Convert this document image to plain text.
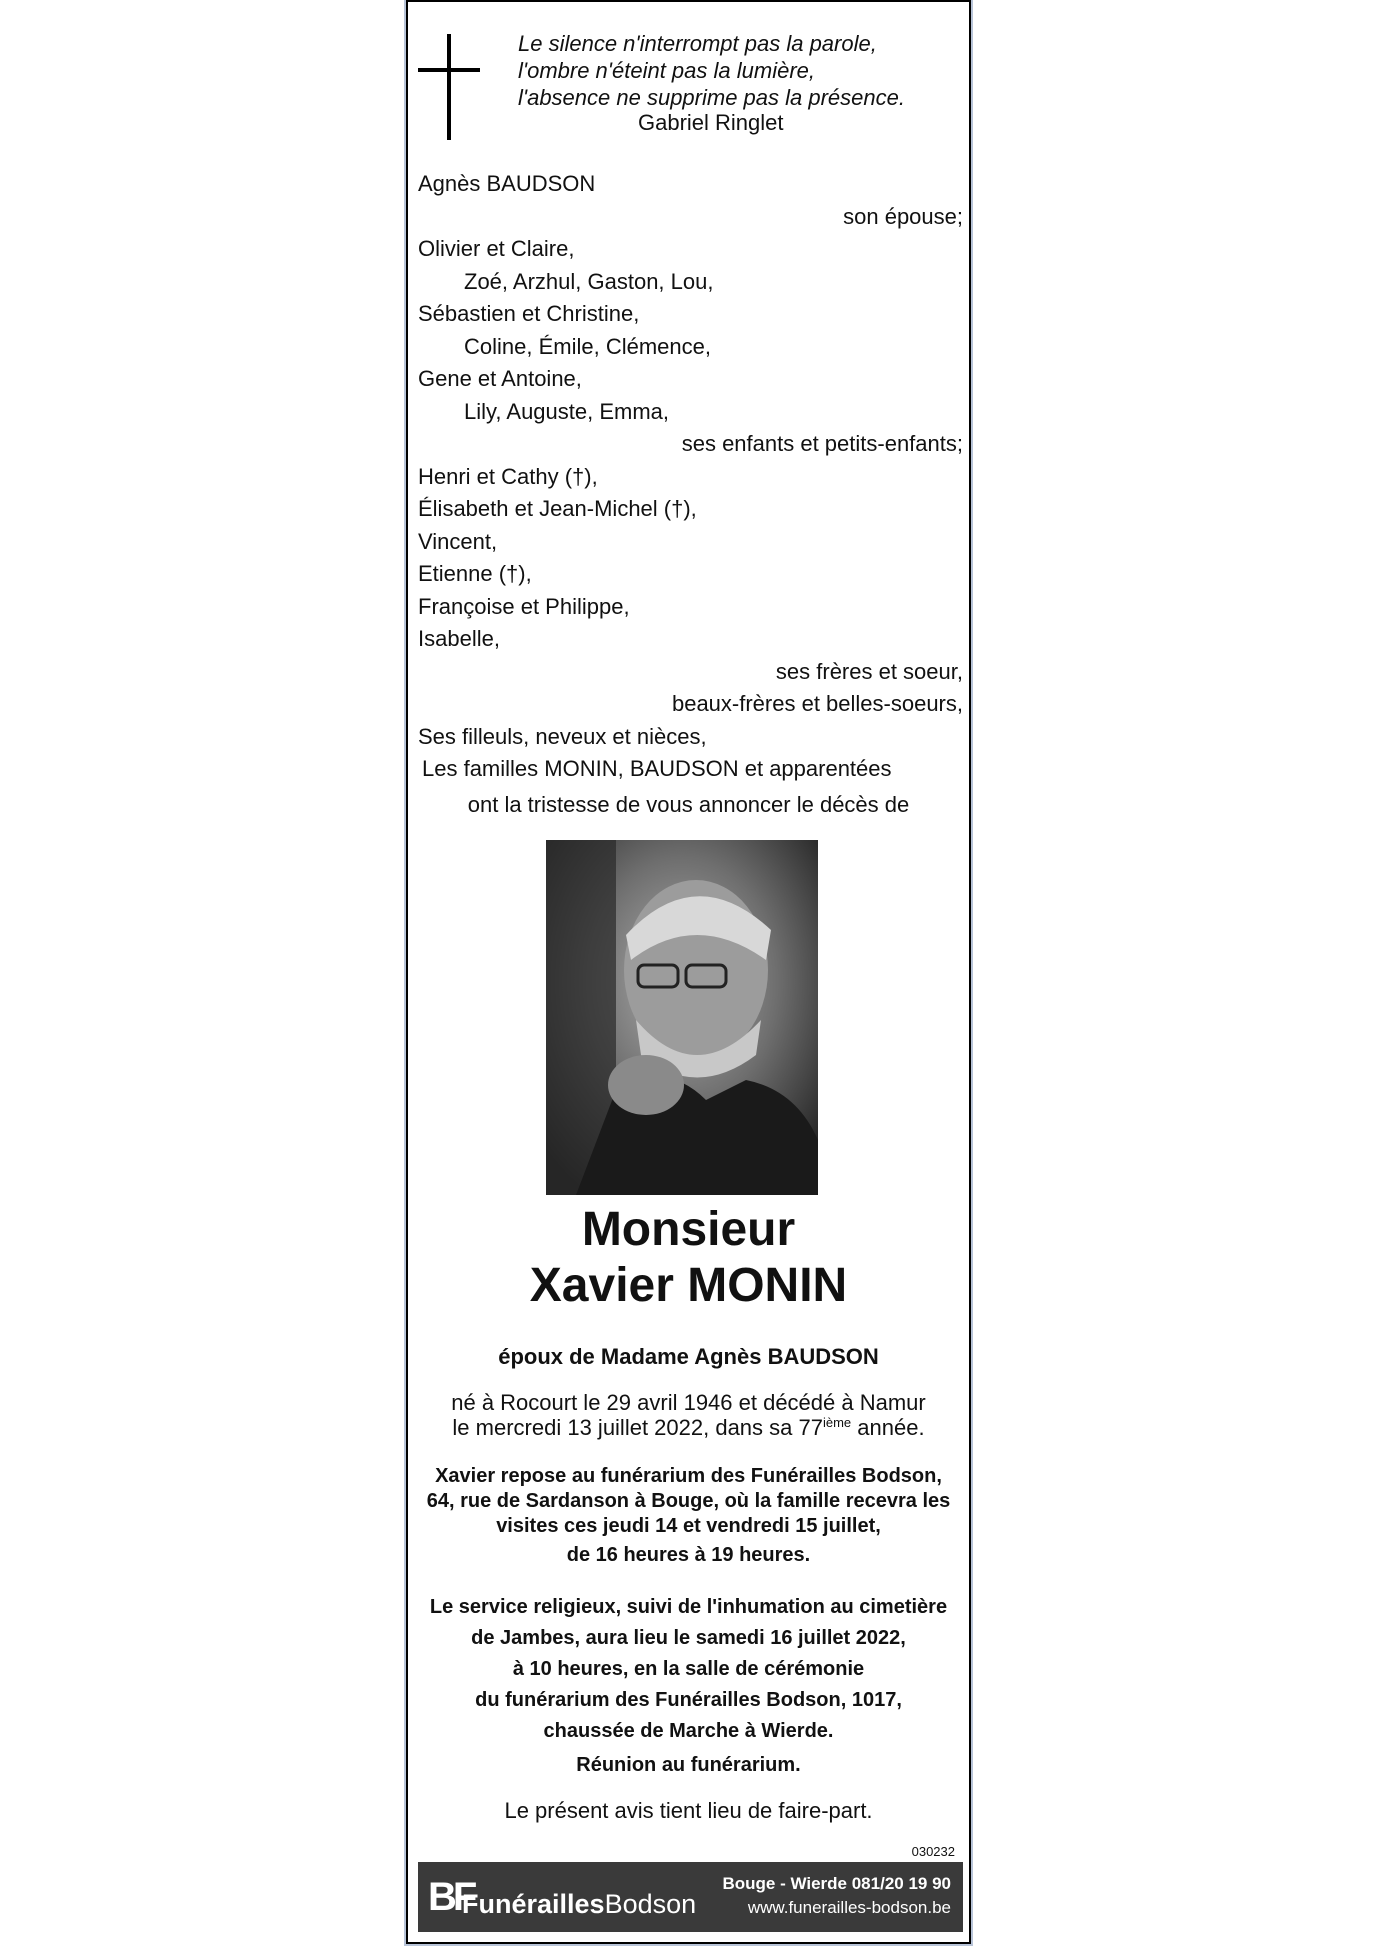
Le silence n'interrompt pas la parole,
l'ombre n'éteint pas la lumière,
l'absence ne supprime pas la présence.
Gabriel Ringlet
Agnès BAUDSON
son épouse;
Olivier et Claire,
Zoé, Arzhul, Gaston, Lou,
Sébastien et Christine,
Coline, Émile, Clémence,
Gene et Antoine,
Lily, Auguste, Emma,
ses enfants et petits-enfants;
Henri et Cathy (†),
Élisabeth et Jean-Michel (†),
Vincent,
Etienne (†),
Françoise et Philippe,
Isabelle,
ses frères et soeur,
beaux-frères et belles-soeurs,
Ses filleuls, neveux et nièces,
Les familles MONIN, BAUDSON et apparentées
ont la tristesse de vous annoncer le décès de
Monsieur
Xavier MONIN
époux de Madame Agnès BAUDSON
né à Rocourt le 29 avril 1946 et décédé à Namur
le mercredi 13 juillet 2022, dans sa 77ième année.
Xavier repose au funérarium des Funérailles Bodson,
64, rue de Sardanson à Bouge, où la famille recevra les
visites ces jeudi 14 et vendredi 15 juillet,
de 16 heures à 19 heures.
Le service religieux, suivi de l'inhumation au cimetière
de Jambes, aura lieu le samedi 16 juillet 2022,
à 10 heures, en la salle de cérémonie
du funérarium des Funérailles Bodson, 1017,
chaussée de Marche à Wierde.
Réunion au funérarium.
Le présent avis tient lieu de faire-part.
030232
BF
FunéraillesBodson
Bouge - Wierde 081/20 19 90
www.funerailles-bodson.be
